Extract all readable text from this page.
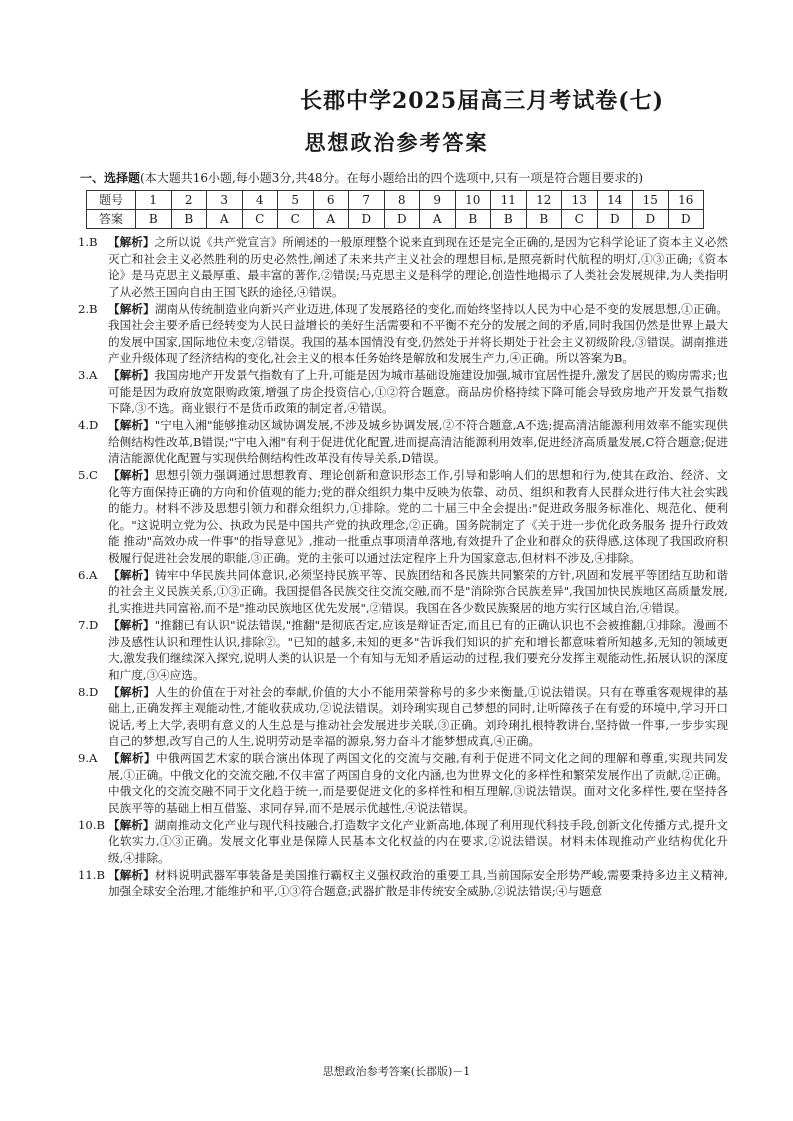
长郡中学2025届高三月考试卷(七)
思想政治参考答案
一、选择题(本大题共16小题,每小题3分,共48分。在每小题给出的四个选项中,只有一项是符合题目要求的)
题号	1	2	3	4	5	6	7	8	9	10	11	12	13	14	15	16
答案	B	B	A	C	C	A	D	D	A	B	B	B	C	D	D	D
1.B 【解析】之所以说《共产党宣言》所阐述的一般原理整个说来直到现在还是完全正确的,是因为它科学论证了资本主义必然灭亡和社会主义必然胜利的历史必然性,阐述了未来共产主义社会的理想目标,是照亮新时代航程的明灯,①③正确;《资本论》是马克思主义最厚重、最丰富的著作,②错误;马克思主义是科学的理论,创造性地揭示了人类社会发展规律,为人类指明了从必然王国向自由王国飞跃的途径,④错误。
2.B 【解析】湖南从传统制造业向新兴产业迈进,体现了发展路径的变化,而始终坚持以人民为中心是不变的发展思想,①正确。我国社会主要矛盾已经转变为人民日益增长的美好生活需要和不平衡不充分的发展之间的矛盾,同时我国仍然是世界上最大的发展中国家,国际地位未变,②错误。我国的基本国情没有变,仍然处于并将长期处于社会主义初级阶段,③错误。湖南推进产业升级体现了经济结构的变化,社会主义的根本任务始终是解放和发展生产力,④正确。所以答案为B。
3.A 【解析】我国房地产开发景气指数有了上升,可能是因为城市基础设施建设加强,城市宜居性提升,激发了居民的购房需求;也可能是因为政府放宽限购政策,增强了房企投资信心,①②符合题意。商品房价格持续下降可能会导致房地产开发景气指数下降,③不选。商业银行不是货币政策的制定者,④错误。
4.D 【解析】"宁电入湘"能够推动区域协调发展,不涉及城乡协调发展,②不符合题意,A不选;提高清洁能源利用效率不能实现供给侧结构性改革,B错误;"宁电入湘"有利于促进优化配置,进而提高清洁能源利用效率,促进经济高质量发展,C符合题意;促进清洁能源优化配置与实现供给侧结构性改革没有传导关系,D错误。
5.C 【解析】思想引领力强调通过思想教育、理论创新和意识形态工作,引导和影响人们的思想和行为,使其在政治、经济、文化等方面保持正确的方向和价值观的能力;党的群众组织力集中反映为依靠、动员、组织和教育人民群众进行伟大社会实践的能力。材料不涉及思想引领力和群众组织力,①排除。党的二十届三中全会提出:"促进政务服务标准化、规范化、便利化。"这说明立党为公、执政为民是中国共产党的执政理念,②正确。国务院制定了《关于进一步优化政务服务 提升行政效能 推动"高效办成一件事"的指导意见》,推动一批重点事项清单落地,有效提升了企业和群众的获得感,这体现了我国政府积极履行促进社会发展的职能,③正确。党的主张可以通过法定程序上升为国家意志,但材料不涉及,④排除。
6.A 【解析】铸牢中华民族共同体意识,必须坚持民族平等、民族团结和各民族共同繁荣的方针,巩固和发展平等团结互助和谐的社会主义民族关系,①③正确。我国提倡各民族交往交流交融,而不是"消除弥合民族差异",我国加快民族地区高质量发展,扎实推进共同富裕,而不是"推动民族地区优先发展",②错误。我国在各少数民族聚居的地方实行区域自治,④错误。
7.D 【解析】"推翻已有认识"说法错误,"推翻"是彻底否定,应该是辩证否定,而且已有的正确认识也不会被推翻,①排除。漫画不涉及感性认识和理性认识,排除②。"已知的越多,未知的更多"告诉我们知识的扩充和增长都意味着所知越多,无知的领域更大,激发我们继续深入探究,说明人类的认识是一个有知与无知矛盾运动的过程,我们要充分发挥主观能动性,拓展认识的深度和广度,③④应选。
8.D 【解析】人生的价值在于对社会的奉献,价值的大小不能用荣誉称号的多少来衡量,①说法错误。只有在尊重客观规律的基础上,正确发挥主观能动性,才能收获成功,②说法错误。刘玲琍实现自己梦想的同时,让听障孩子在有爱的环境中,学习开口说话,考上大学,表明有意义的人生总是与推动社会发展进步关联,③正确。刘玲琍扎根特教讲台,坚持做一件事,一步步实现自己的梦想,改写自己的人生,说明劳动是幸福的源泉,努力奋斗才能梦想成真,④正确。
9.A 【解析】中俄两国艺术家的联合演出体现了两国文化的交流与交融,有利于促进不同文化之间的理解和尊重,实现共同发展,①正确。中俄文化的交流交融,不仅丰富了两国自身的文化内涵,也为世界文化的多样性和繁荣发展作出了贡献,②正确。中俄文化的交流交融不同于文化趋于统一,而是要促进文化的多样性和相互理解,③说法错误。面对文化多样性,要在坚持各民族平等的基础上相互借鉴、求同存异,而不是展示优越性,④说法错误。
10.B 【解析】湖南推动文化产业与现代科技融合,打造数字文化产业新高地,体现了利用现代科技手段,创新文化传播方式,提升文化软实力,①③正确。发展文化事业是保障人民基本文化权益的内在要求,②说法错误。材料未体现推动产业结构优化升级,④排除。
11.B 【解析】材料说明武器军事装备是美国推行霸权主义强权政治的重要工具,当前国际安全形势严峻,需要秉持多边主义精神,加强全球安全治理,才能维护和平,①③符合题意;武器扩散是非传统安全威胁,②说法错误;④与题意
思想政治参考答案(长郡版)－1
